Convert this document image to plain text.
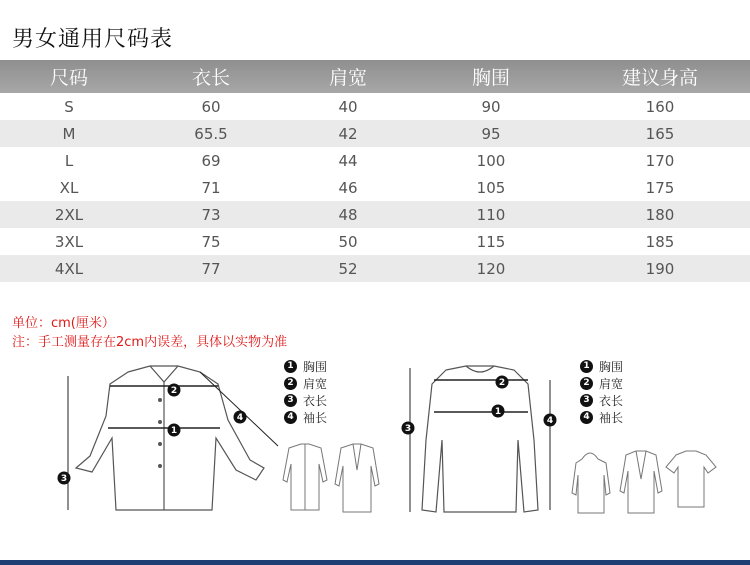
男女通用尺码表
尺码	衣长	肩宽	胸围	建议身高
S	60	40	90	160
M	65.5	42	95	165
L	69	44	100	170
XL	71	46	105	175
2XL	73	48	110	180
3XL	75	50	115	185
4XL	77	52	120	190
单位：cm(厘米）
注：手工测量存在2cm内误差，具体以实物为准
1
2
3
4
1 胸围
2 肩宽
3 衣长
4 袖长	1
2
3
4
1 胸围
2 肩宽
3 衣长
4 袖长
